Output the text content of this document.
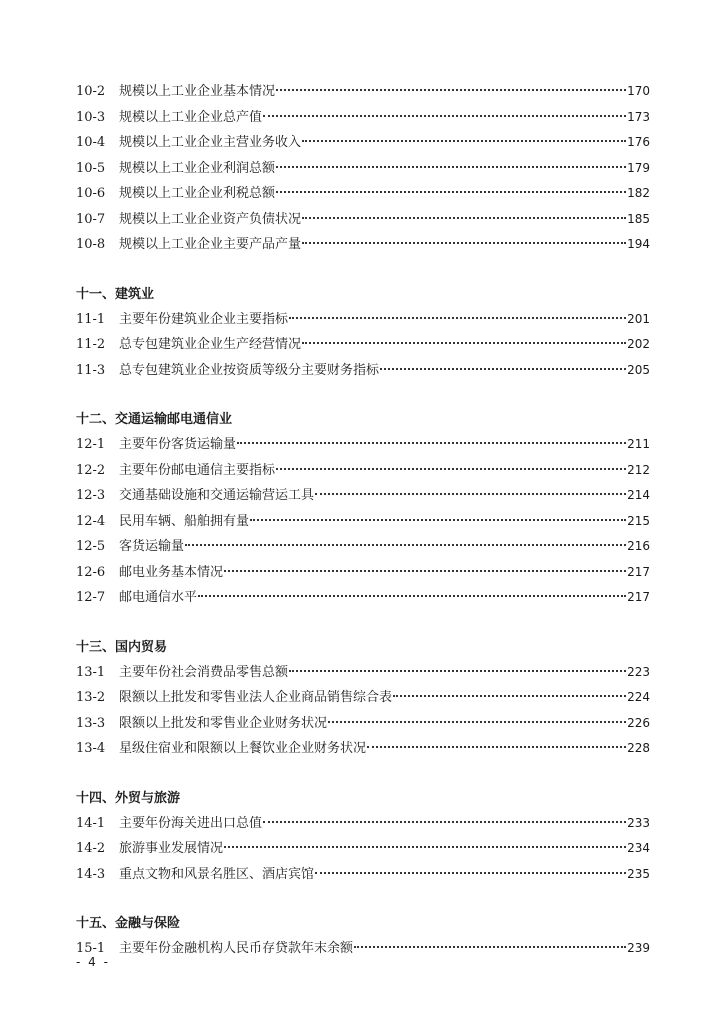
10-2	规模以上工业企业基本情况	170
10-3	规模以上工业企业总产值	173
10-4	规模以上工业企业主营业务收入	176
10-5	规模以上工业企业利润总额	179
10-6	规模以上工业企业利税总额	182
10-7	规模以上工业企业资产负债状况	185
10-8	规模以上工业企业主要产品产量	194
十一、建筑业
11-1	主要年份建筑业企业主要指标	201
11-2	总专包建筑业企业生产经营情况	202
11-3	总专包建筑业企业按资质等级分主要财务指标	205
十二、交通运输邮电通信业
12-1	主要年份客货运输量	211
12-2	主要年份邮电通信主要指标	212
12-3	交通基础设施和交通运输营运工具	214
12-4	民用车辆、船舶拥有量	215
12-5	客货运输量	216
12-6	邮电业务基本情况	217
12-7	邮电通信水平	217
十三、国内贸易
13-1	主要年份社会消费品零售总额	223
13-2	限额以上批发和零售业法人企业商品销售综合表	224
13-3	限额以上批发和零售业企业财务状况	226
13-4	星级住宿业和限额以上餐饮业企业财务状况	228
十四、外贸与旅游
14-1	主要年份海关进出口总值	233
14-2	旅游事业发展情况	234
14-3	重点文物和风景名胜区、酒店宾馆	235
十五、金融与保险
15-1	主要年份金融机构人民币存贷款年末余额	239
- 4 -
